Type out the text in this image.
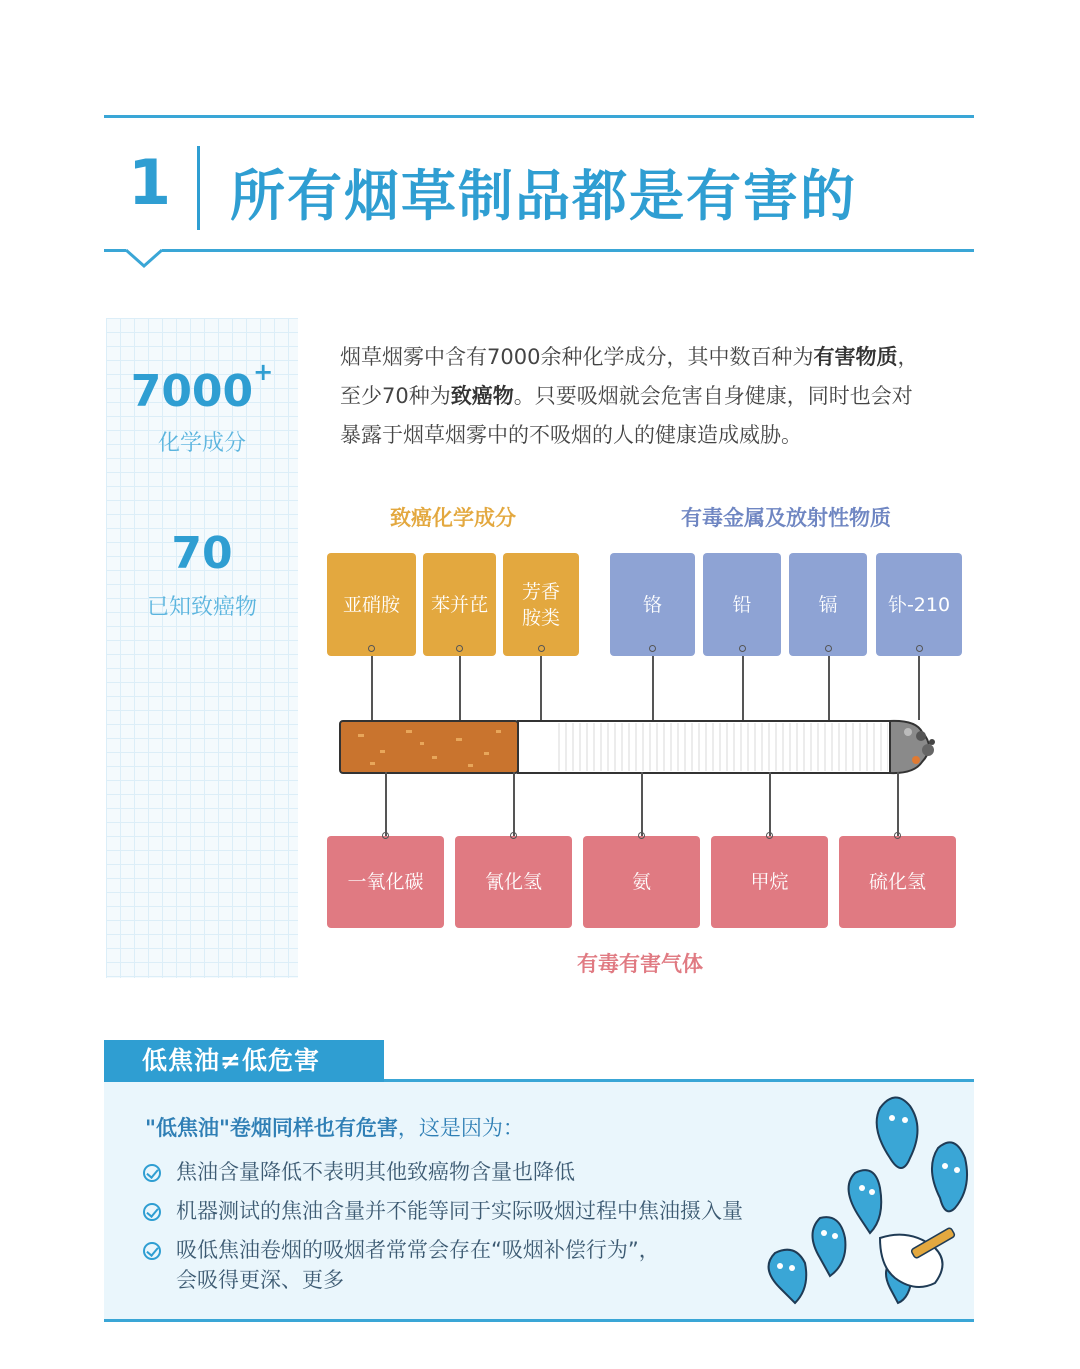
1 所有烟草制品都是有害的
7000+
化学成分
70
已知致癌物
烟草烟雾中含有7000余种化学成分，其中数百种为有害物质，
至少70种为致癌物。只要吸烟就会危害自身健康，同时也会对
暴露于烟草烟雾中的不吸烟的人的健康造成威胁。
致癌化学成分	有毒金属及放射性物质
亚硝胺 苯并芘
芳香胺类
铬	铅	镉	钋-210
一氧化碳	氰化氢	氨	甲烷	硫化氢
有毒有害气体
低焦油≠低危害
"低焦油"卷烟同样也有危害，这是因为：
焦油含量降低不表明其他致癌物含量也降低
机器测试的焦油含量并不能等同于实际吸烟过程中焦油摄入量
吸低焦油卷烟的吸烟者常常会存在“吸烟补偿行为”，
会吸得更深、更多
